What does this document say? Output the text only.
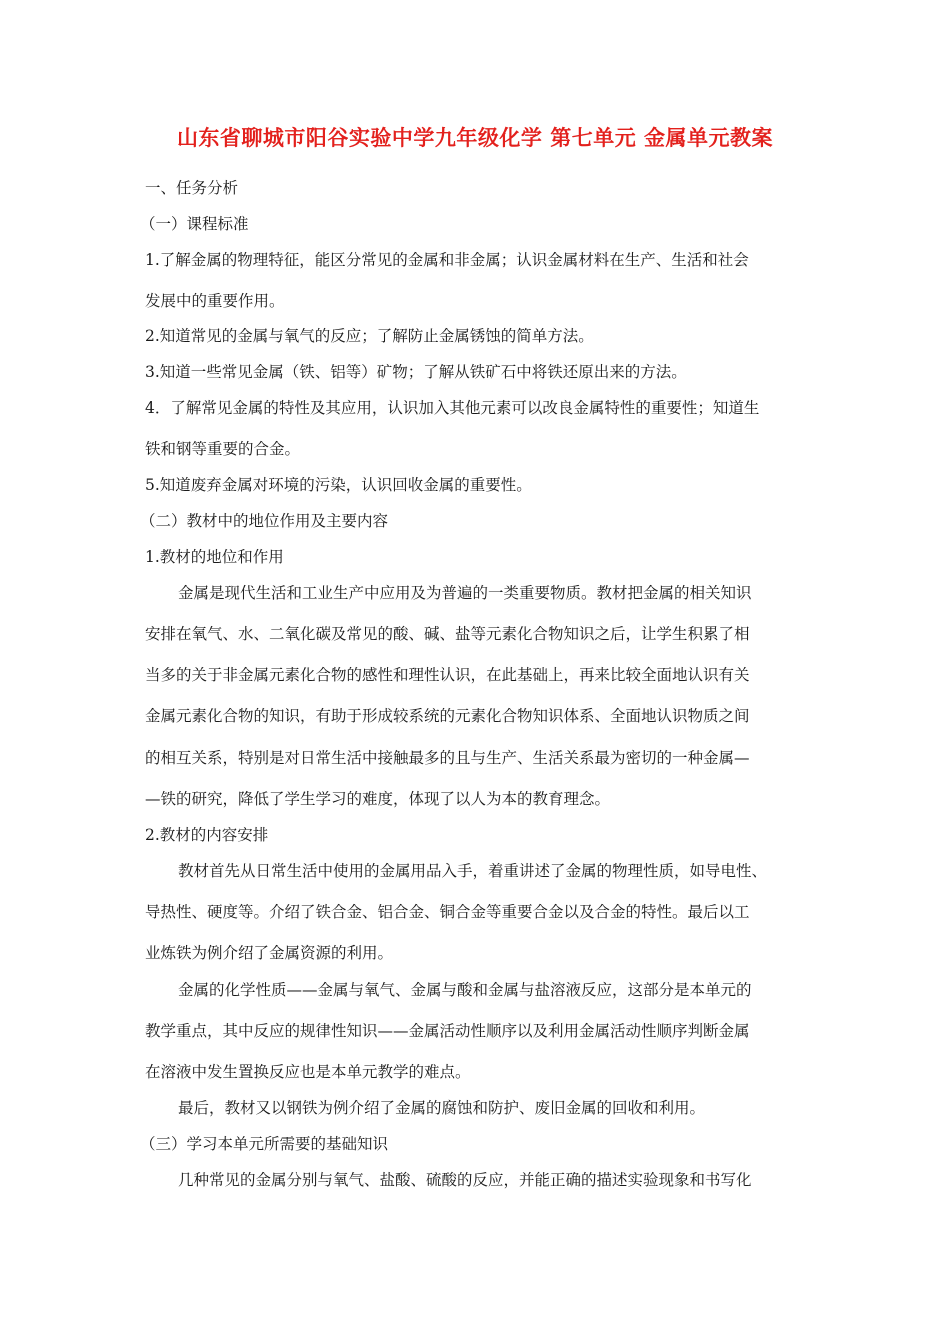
山东省聊城市阳谷实验中学九年级化学 第七单元 金属单元教案
一、任务分析
（一）课程标准
1.了解金属的物理特征，能区分常见的金属和非金属；认识金属材料在生产、生活和社会
发展中的重要作用。
2.知道常见的金属与氧气的反应；了解防止金属锈蚀的简单方法。
3.知道一些常见金属（铁、铝等）矿物；了解从铁矿石中将铁还原出来的方法。
4．了解常见金属的特性及其应用，认识加入其他元素可以改良金属特性的重要性；知道生
铁和钢等重要的合金。
5.知道废弃金属对环境的污染，认识回收金属的重要性。
（二）教材中的地位作用及主要内容
1.教材的地位和作用
金属是现代生活和工业生产中应用及为普遍的一类重要物质。教材把金属的相关知识
安排在氧气、水、二氧化碳及常见的酸、碱、盐等元素化合物知识之后，让学生积累了相
当多的关于非金属元素化合物的感性和理性认识，在此基础上，再来比较全面地认识有关
金属元素化合物的知识，有助于形成较系统的元素化合物知识体系、全面地认识物质之间
的相互关系，特别是对日常生活中接触最多的且与生产、生活关系最为密切的一种金属—
—铁的研究，降低了学生学习的难度，体现了以人为本的教育理念。
2.教材的内容安排
教材首先从日常生活中使用的金属用品入手，着重讲述了金属的物理性质，如导电性、
导热性、硬度等。介绍了铁合金、铝合金、铜合金等重要合金以及合金的特性。最后以工
业炼铁为例介绍了金属资源的利用。
金属的化学性质——金属与氧气、金属与酸和金属与盐溶液反应，这部分是本单元的
教学重点，其中反应的规律性知识——金属活动性顺序以及利用金属活动性顺序判断金属
在溶液中发生置换反应也是本单元教学的难点。
最后，教材又以钢铁为例介绍了金属的腐蚀和防护、废旧金属的回收和利用。
（三）学习本单元所需要的基础知识
几种常见的金属分别与氧气、盐酸、硫酸的反应，并能正确的描述实验现象和书写化
